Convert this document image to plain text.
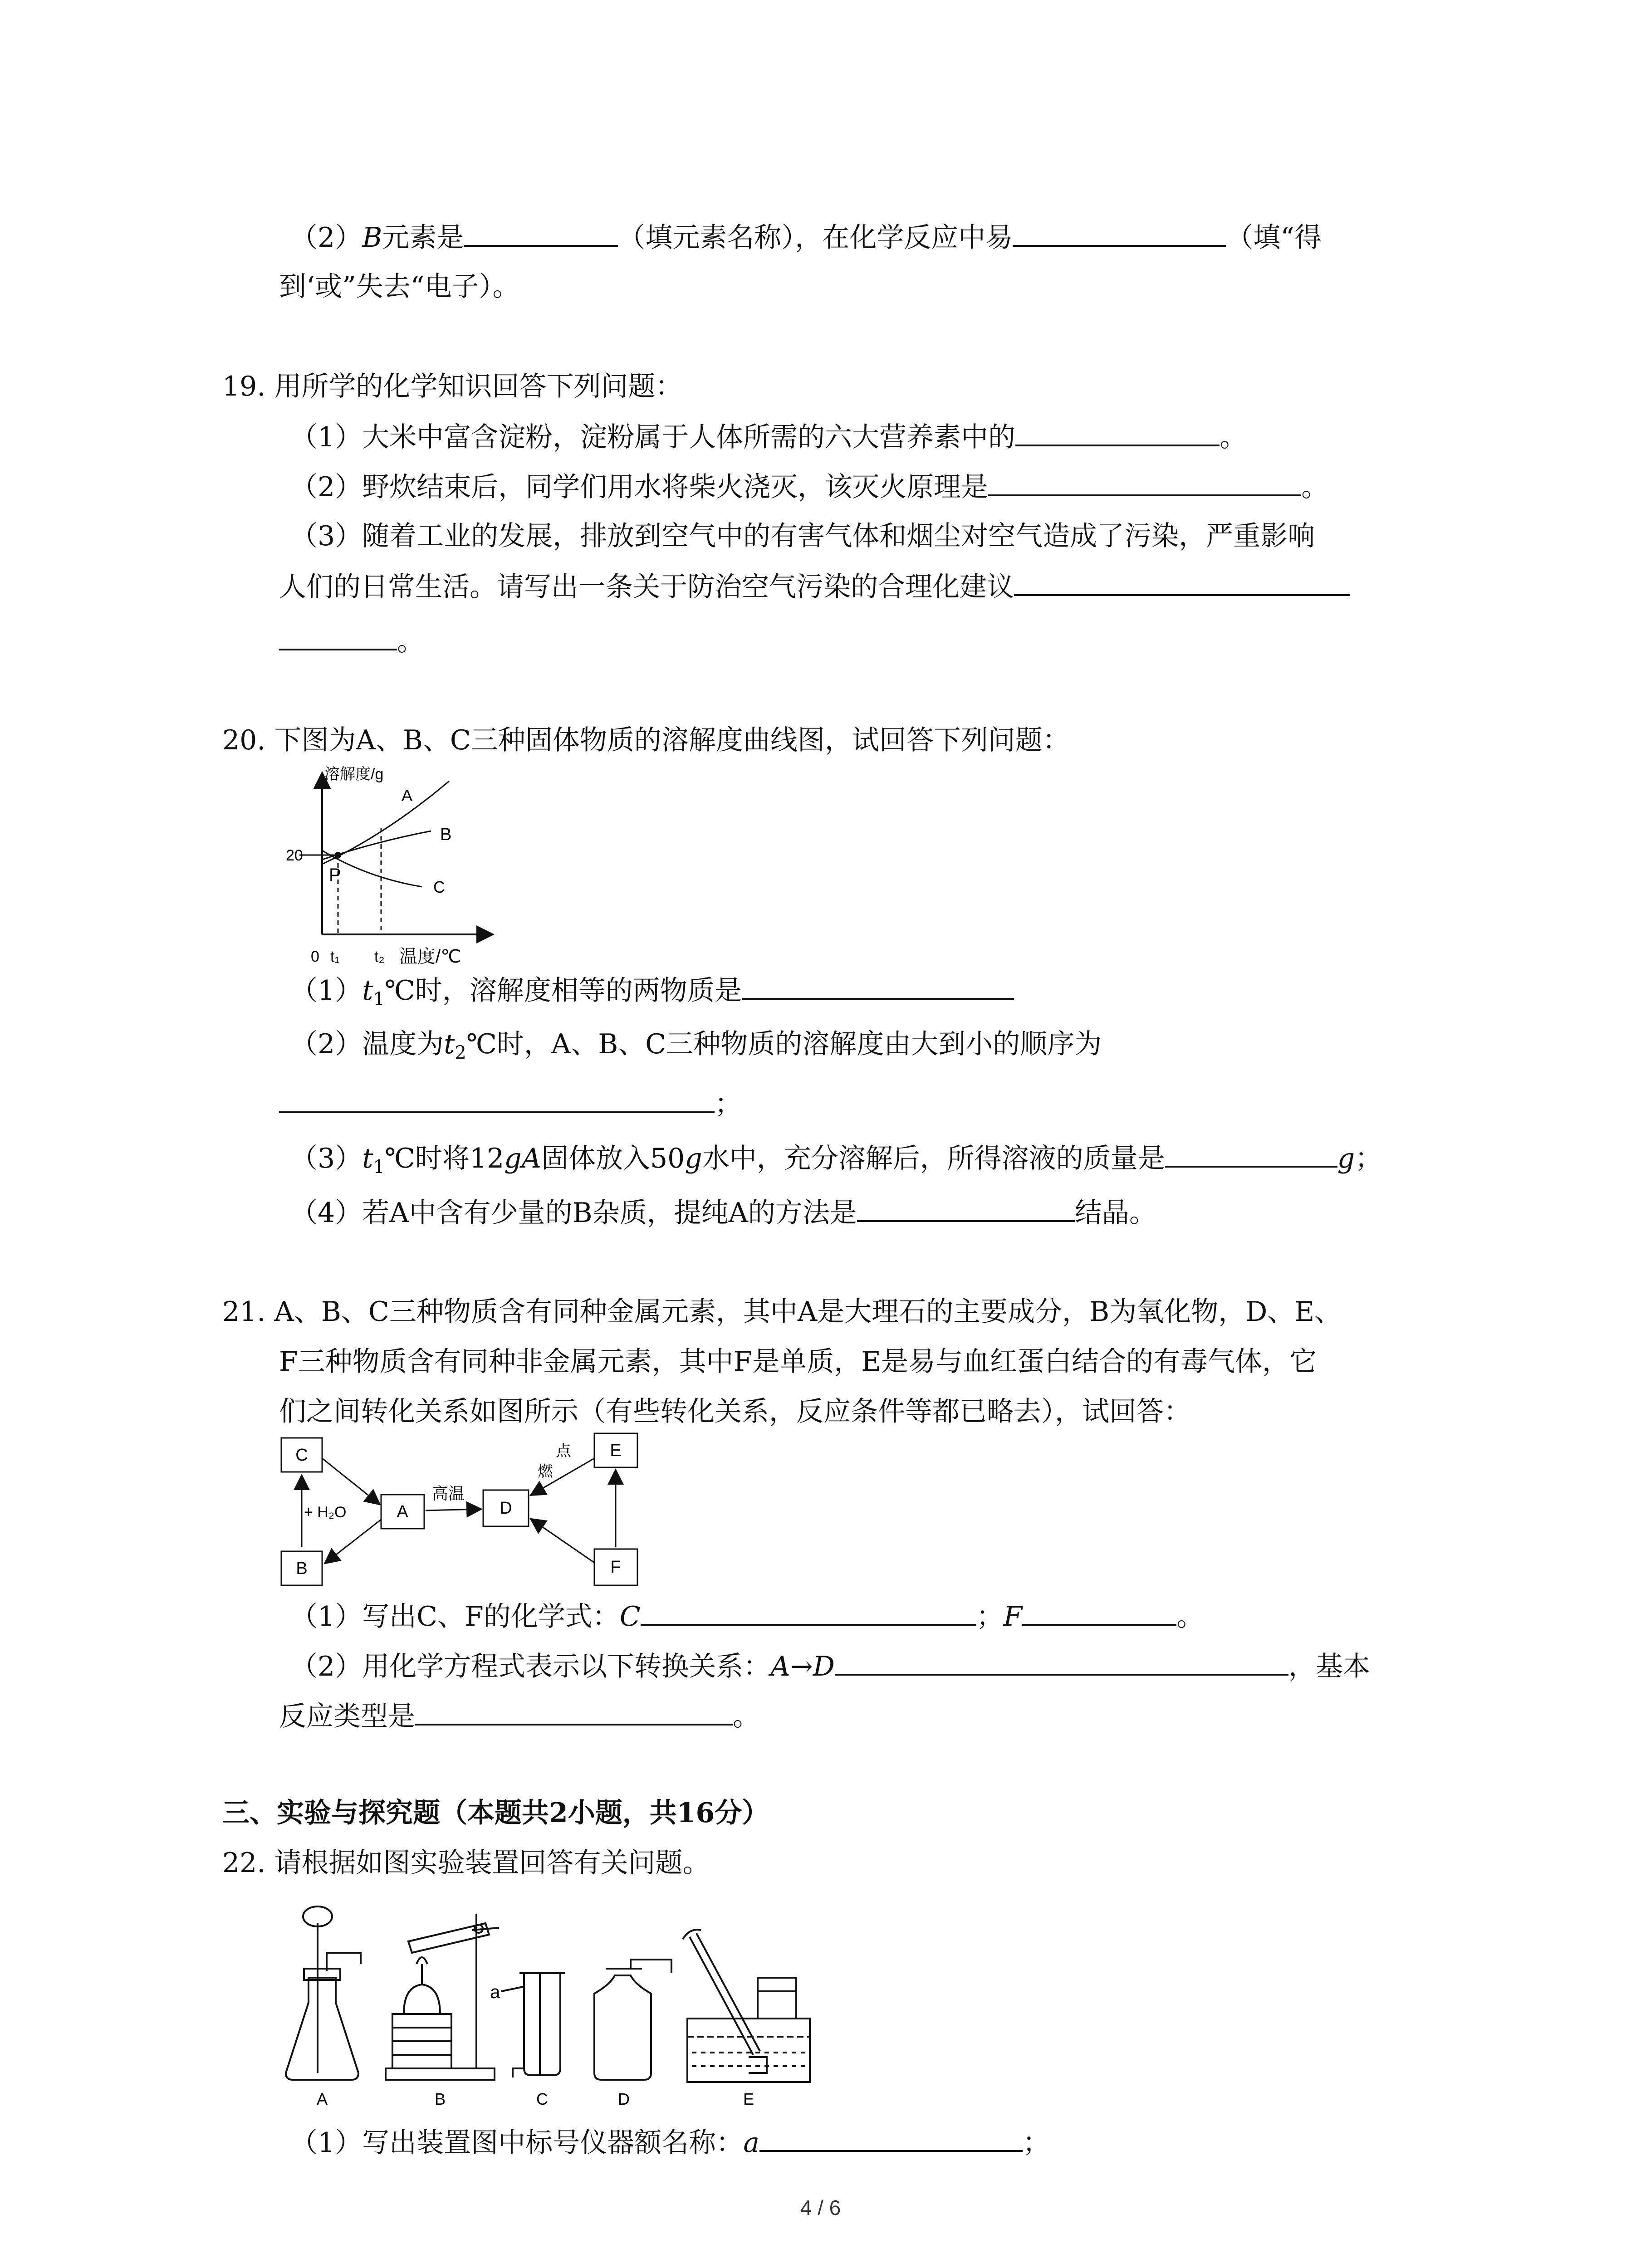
（2）B元素是	（填元素名称），在化学反应中易	（填“得
到‘或”失去“电子）。
19. 用所学的化学知识回答下列问题：
（1）大米中富含淀粉，淀粉属于人体所需的六大营养素中的	。
（2）野炊结束后，同学们用水将柴火浇灭，该灭火原理是	。
（3）随着工业的发展，排放到空气中的有害气体和烟尘对空气造成了污染，严重影响
人们的日常生活。请写出一条关于防治空气污染的合理化建议
。
20. 下图为A、B、C三种固体物质的溶解度曲线图，试回答下列问题：
溶解度/g
20
P
A
B
C
0 t₁ t₂ 温度/℃
$(1)t_1℃$时，溶解度相等的两物质是
（2）温度为$t_2℃$时，A、B、C三种物质的溶解度由大到小的顺序为
；
$(3)t_1℃$时将12gA固体放入50g水中，充分溶解后，所得溶液的质量是	g；
（4）若A中含有少量的B杂质，提纯A的方法是	结晶。
21. A、B、C三种物质含有同种金属元素，其中A是大理石的主要成分，B为氧化物，D、E、
F三种物质含有同种非金属元素，其中F是单质，E是易与血红蛋白结合的有毒气体，它
们之间转化关系如图所示（有些转化关系，反应条件等都已略去），试回答：
C
B
A	D
E
F
+ H₂O
高温
点
燃
（1）写出C、F的化学式：C	；F	。
（2）用化学方程式表示以下转换关系：A→D	，基本
反应类型是	。
三、实验与探究题（本题共2小题，共16分）
22. 请根据如图实验装置回答有关问题。
A	B
a
C	D	E
（1）写出装置图中标号仪器额名称：a	；
4 / 6
